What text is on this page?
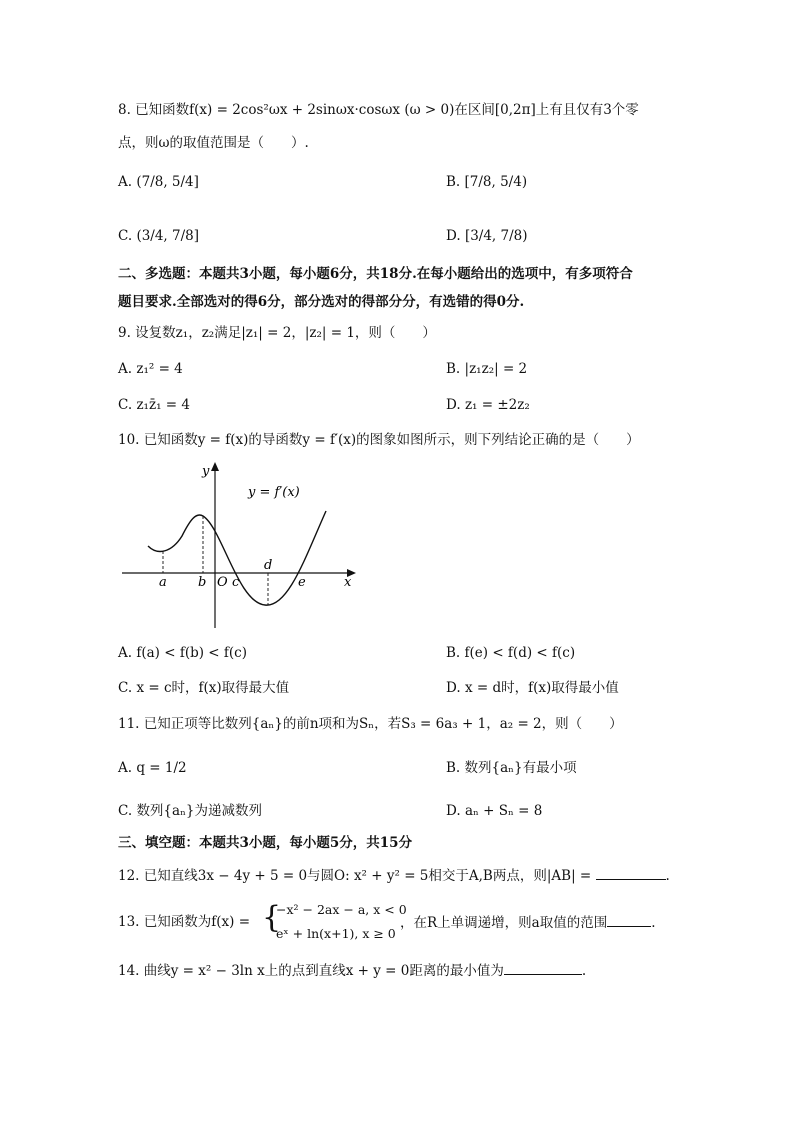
8. 已知函数f(x) = 2cos²ωx + 2sinωx·cosωx (ω > 0)在区间[0,2π]上有且仅有3个零
点，则ω的取值范围是（　　）.
A. (7/8, 5/4]	B. [7/8, 5/4)
C. (3/4, 7/8]	D. [3/4, 7/8)
二、多选题：本题共3小题，每小题6分，共18分.在每小题给出的选项中，有多项符合
题目要求.全部选对的得6分，部分选对的得部分分，有选错的得0分.
9. 设复数z₁，z₂满足|z₁| = 2，|z₂| = 1，则（　　）
A. z₁² = 4	B. |z₁z₂| = 2
C. z₁z̄₁ = 4	D. z₁ = ±2z₂
10. 已知函数y = f(x)的导函数y = f′(x)的图象如图所示，则下列结论正确的是（　　）
y
x
y = f′(x)
a b O c
d
e
A. f(a) < f(b) < f(c)	B. f(e) < f(d) < f(c)
C. x = c时，f(x)取得最大值	D. x = d时，f(x)取得最小值
11. 已知正项等比数列{aₙ}的前n项和为Sₙ，若S₃ = 6a₃ + 1，a₂ = 2，则（　　）
A. q = 1/2	B. 数列{aₙ}有最小项
C. 数列{aₙ}为递减数列	D. aₙ + Sₙ = 8
三、填空题：本题共3小题，每小题5分，共15分
12. 已知直线3x − 4y + 5 = 0与圆O: x² + y² = 5相交于A,B两点，则|AB| =	.
13. 已知函数为f(x) = {
−x² − 2ax − a, x < 0
eˣ + ln(x+1), x ≥ 0
，在R上单调递增，则a取值的范围	.
14. 曲线y = x² − 3ln x上的点到直线x + y = 0距离的最小值为	.
